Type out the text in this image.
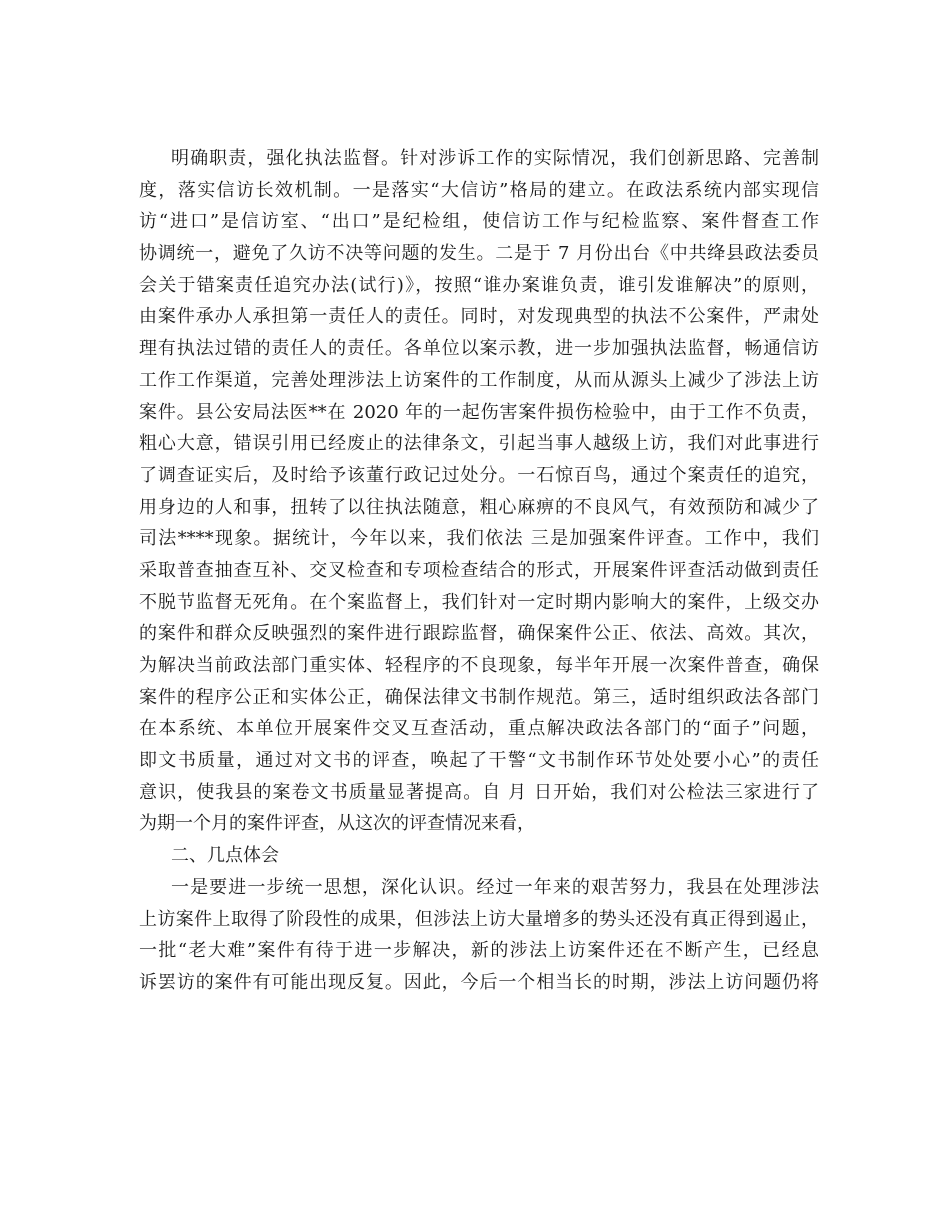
明确职责，强化执法监督。针对涉诉工作的实际情况，我们创新思路、完善制
度，落实信访长效机制。一是落实“大信访”格局的建立。在政法系统内部实现信
访“进口”是信访室、“出口”是纪检组，使信访工作与纪检监察、案件督查工作
协调统一，避免了久访不决等问题的发生。二是于 7 月份出台《中共绛县政法委员
会关于错案责任追究办法(试行)》，按照“谁办案谁负责，谁引发谁解决”的原则，
由案件承办人承担第一责任人的责任。同时，对发现典型的执法不公案件，严肃处
理有执法过错的责任人的责任。各单位以案示教，进一步加强执法监督，畅通信访
工作工作渠道，完善处理涉法上访案件的工作制度，从而从源头上减少了涉法上访
案件。县公安局法医**在 2020 年的一起伤害案件损伤检验中，由于工作不负责，
粗心大意，错误引用已经废止的法律条文，引起当事人越级上访，我们对此事进行
了调查证实后，及时给予该董行政记过处分。一石惊百鸟，通过个案责任的追究，
用身边的人和事，扭转了以往执法随意，粗心麻痹的不良风气，有效预防和减少了
司法****现象。据统计，今年以来，我们依法 三是加强案件评查。工作中，我们
采取普查抽查互补、交叉检查和专项检查结合的形式，开展案件评查活动做到责任
不脱节监督无死角。在个案监督上，我们针对一定时期内影响大的案件，上级交办
的案件和群众反映强烈的案件进行跟踪监督，确保案件公正、依法、高效。其次，
为解决当前政法部门重实体、轻程序的不良现象，每半年开展一次案件普查，确保
案件的程序公正和实体公正，确保法律文书制作规范。第三，适时组织政法各部门
在本系统、本单位开展案件交叉互查活动，重点解决政法各部门的“面子”问题，
即文书质量，通过对文书的评查，唤起了干警“文书制作环节处处要小心”的责任
意识，使我县的案卷文书质量显著提高。自 月 日开始，我们对公检法三家进行了
为期一个月的案件评查，从这次的评查情况来看，
二、几点体会
一是要进一步统一思想，深化认识。经过一年来的艰苦努力，我县在处理涉法
上访案件上取得了阶段性的成果，但涉法上访大量增多的势头还没有真正得到遏止，
一批“老大难”案件有待于进一步解决，新的涉法上访案件还在不断产生，已经息
诉罢访的案件有可能出现反复。因此，今后一个相当长的时期，涉法上访问题仍将
